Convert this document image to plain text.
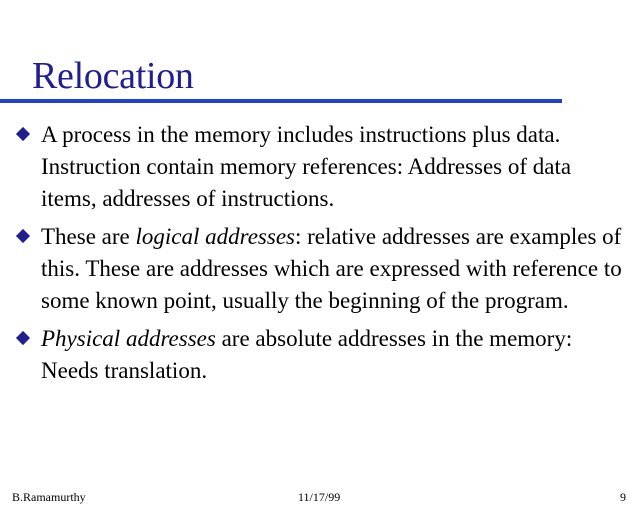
Relocation
A process in the memory includes instructions plus data. Instruction contain memory references: Addresses of data items, addresses of instructions.
These are logical addresses: relative addresses are examples of this. These are addresses which are expressed with reference to some known point, usually the beginning of the program.
Physical addresses are absolute addresses in the memory: Needs translation.
B.Ramamurthy	11/17/99	9
